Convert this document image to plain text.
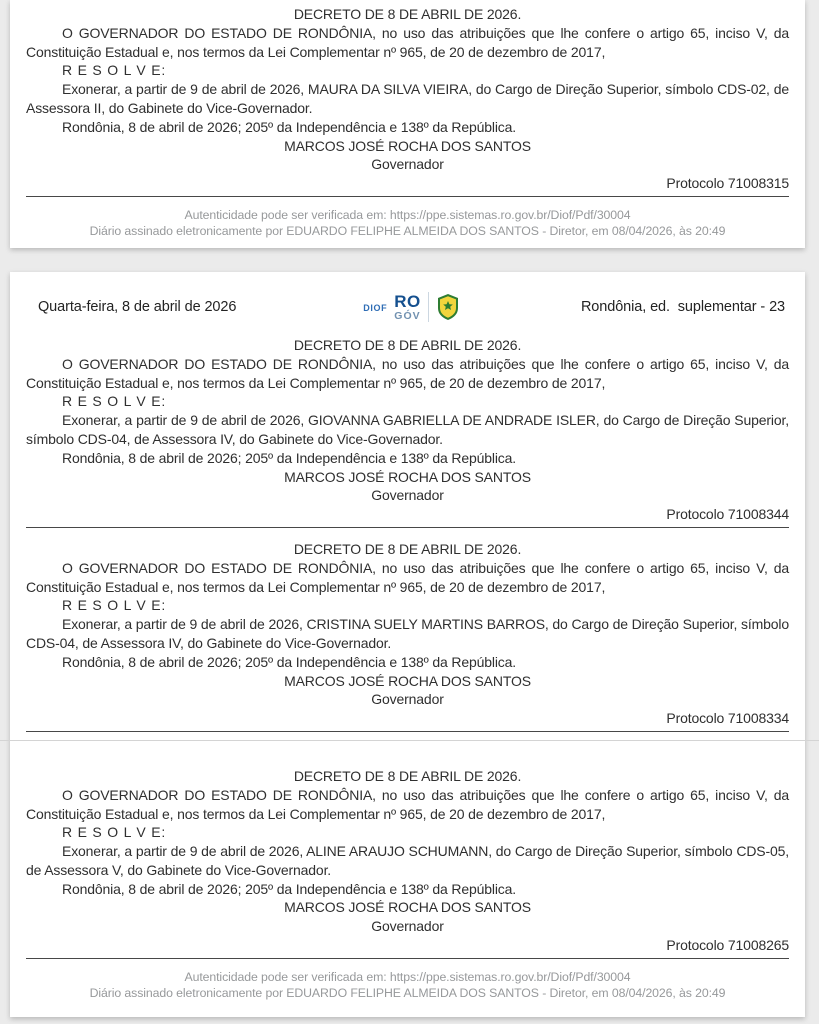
DECRETO DE 8 DE ABRIL DE 2026.

O GOVERNADOR DO ESTADO DE RONDÔNIA, no uso das atribuições que lhe confere o artigo 65, inciso V, da Constituição Estadual e, nos termos da Lei Complementar nº 965, de 20 de dezembro de 2017,

R E S O L V E:

Exonerar, a partir de 9 de abril de 2026, MAURA DA SILVA VIEIRA, do Cargo de Direção Superior, símbolo CDS-02, de Assessora II, do Gabinete do Vice-Governador.

Rondônia, 8 de abril de 2026; 205º da Independência e 138º da República.
MARCOS JOSÉ ROCHA DOS SANTOS
Governador
Protocolo 71008315
Autenticidade pode ser verificada em: https://ppe.sistemas.ro.gov.br/Diof/Pdf/30004
Diário assinado eletronicamente por EDUARDO FELIPHE ALMEIDA DOS SANTOS - Diretor, em 08/04/2026, às 20:49
Quarta-feira, 8 de abril de 2026	DIOF RO
GÓV
Rondônia, ed.  suplementar - 23
DECRETO DE 8 DE ABRIL DE 2026.

O GOVERNADOR DO ESTADO DE RONDÔNIA, no uso das atribuições que lhe confere o artigo 65, inciso V, da Constituição Estadual e, nos termos da Lei Complementar nº 965, de 20 de dezembro de 2017,

R E S O L V E:

Exonerar, a partir de 9 de abril de 2026, GIOVANNA GABRIELLA DE ANDRADE ISLER, do Cargo de Direção Superior, símbolo CDS-04, de Assessora IV, do Gabinete do Vice-Governador.

Rondônia, 8 de abril de 2026; 205º da Independência e 138º da República.
MARCOS JOSÉ ROCHA DOS SANTOS
Governador
Protocolo 71008344
DECRETO DE 8 DE ABRIL DE 2026.

O GOVERNADOR DO ESTADO DE RONDÔNIA, no uso das atribuições que lhe confere o artigo 65, inciso V, da Constituição Estadual e, nos termos da Lei Complementar nº 965, de 20 de dezembro de 2017,

R E S O L V E:

Exonerar, a partir de 9 de abril de 2026, CRISTINA SUELY MARTINS BARROS, do Cargo de Direção Superior, símbolo CDS-04, de Assessora IV, do Gabinete do Vice-Governador.

Rondônia, 8 de abril de 2026; 205º da Independência e 138º da República.
MARCOS JOSÉ ROCHA DOS SANTOS
Governador
Protocolo 71008334
DECRETO DE 8 DE ABRIL DE 2026.

O GOVERNADOR DO ESTADO DE RONDÔNIA, no uso das atribuições que lhe confere o artigo 65, inciso V, da Constituição Estadual e, nos termos da Lei Complementar nº 965, de 20 de dezembro de 2017,

R E S O L V E:

Exonerar, a partir de 9 de abril de 2026, ALINE ARAUJO SCHUMANN, do Cargo de Direção Superior, símbolo CDS-05, de Assessora V, do Gabinete do Vice-Governador.

Rondônia, 8 de abril de 2026; 205º da Independência e 138º da República.
MARCOS JOSÉ ROCHA DOS SANTOS
Governador
Protocolo 71008265
Autenticidade pode ser verificada em: https://ppe.sistemas.ro.gov.br/Diof/Pdf/30004
Diário assinado eletronicamente por EDUARDO FELIPHE ALMEIDA DOS SANTOS - Diretor, em 08/04/2026, às 20:49
